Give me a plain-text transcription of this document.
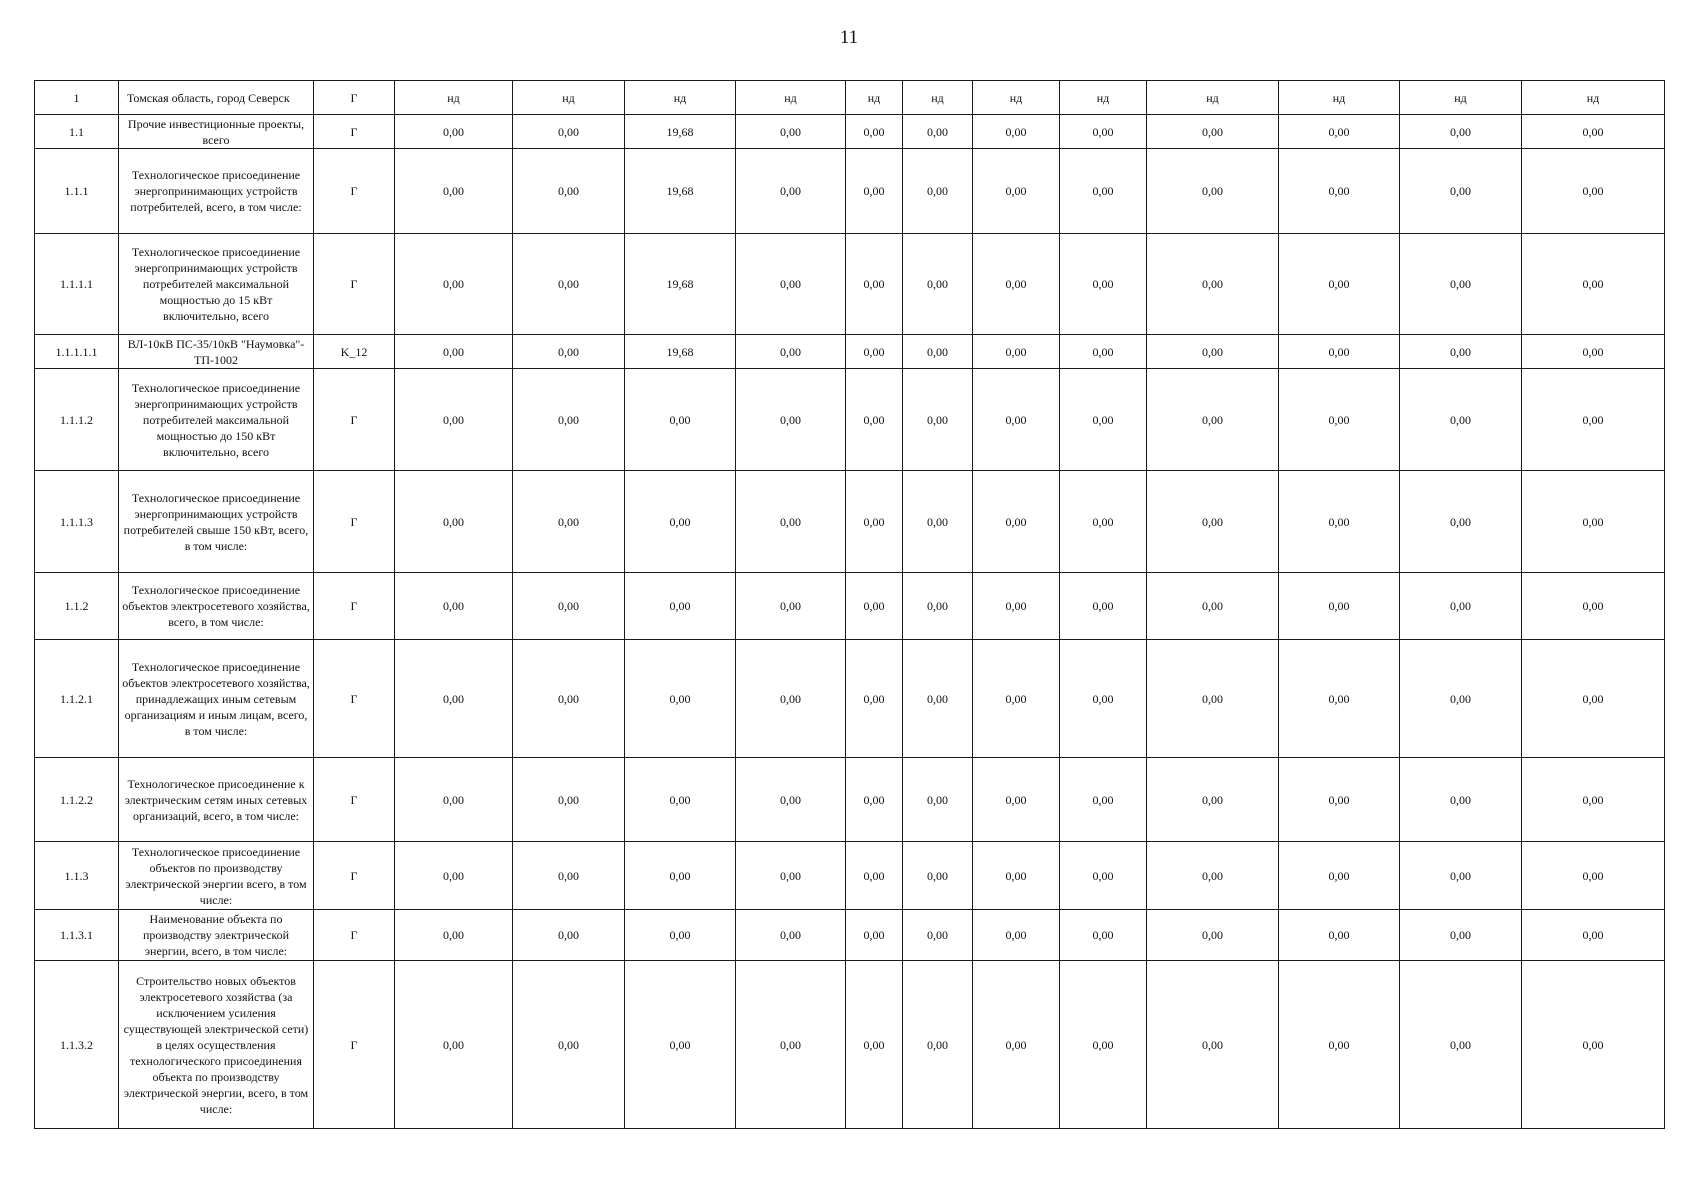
11
1	Томская область, город Северск	Г	нд	нд	нд	нд	нд	нд	нд	нд	нд	нд	нд	нд
1.1	Прочие инвестиционные проекты, всего	Г	0,00	0,00	19,68	0,00	0,00	0,00	0,00	0,00	0,00	0,00	0,00	0,00
1.1.1	Технологическое присоединение энергопринимающих устройств потребителей, всего, в том числе:	Г	0,00	0,00	19,68	0,00	0,00	0,00	0,00	0,00	0,00	0,00	0,00	0,00
1.1.1.1	Технологическое присоединение энергопринимающих устройств потребителей максимальной мощностью до 15 кВт включительно, всего	Г	0,00	0,00	19,68	0,00	0,00	0,00	0,00	0,00	0,00	0,00	0,00	0,00
1.1.1.1.1	ВЛ-10кВ ПС-35/10кВ "Наумовка"-ТП-1002	K_12	0,00	0,00	19,68	0,00	0,00	0,00	0,00	0,00	0,00	0,00	0,00	0,00
1.1.1.2	Технологическое присоединение энергопринимающих устройств потребителей максимальной мощностью до 150 кВт включительно, всего	Г	0,00	0,00	0,00	0,00	0,00	0,00	0,00	0,00	0,00	0,00	0,00	0,00
1.1.1.3	Технологическое присоединение энергопринимающих устройств потребителей свыше 150 кВт, всего, в том числе:	Г	0,00	0,00	0,00	0,00	0,00	0,00	0,00	0,00	0,00	0,00	0,00	0,00
1.1.2	Технологическое присоединение объектов электросетевого хозяйства, всего, в том числе:	Г	0,00	0,00	0,00	0,00	0,00	0,00	0,00	0,00	0,00	0,00	0,00	0,00
1.1.2.1	Технологическое присоединение объектов электросетевого хозяйства, принадлежащих иным сетевым организациям и иным лицам, всего, в том числе:	Г	0,00	0,00	0,00	0,00	0,00	0,00	0,00	0,00	0,00	0,00	0,00	0,00
1.1.2.2	Технологическое присоединение к электрическим сетям иных сетевых организаций, всего, в том числе:	Г	0,00	0,00	0,00	0,00	0,00	0,00	0,00	0,00	0,00	0,00	0,00	0,00
1.1.3	Технологическое присоединение объектов по производству электрической энергии всего, в том числе:	Г	0,00	0,00	0,00	0,00	0,00	0,00	0,00	0,00	0,00	0,00	0,00	0,00
1.1.3.1	Наименование объекта по производству электрической энергии, всего, в том числе:	Г	0,00	0,00	0,00	0,00	0,00	0,00	0,00	0,00	0,00	0,00	0,00	0,00
1.1.3.2	Строительство новых объектов электросетевого хозяйства (за исключением усиления существующей электрической сети) в целях осуществления технологического присоединения объекта по производству электрической энергии, всего, в том числе:	Г	0,00	0,00	0,00	0,00	0,00	0,00	0,00	0,00	0,00	0,00	0,00	0,00
